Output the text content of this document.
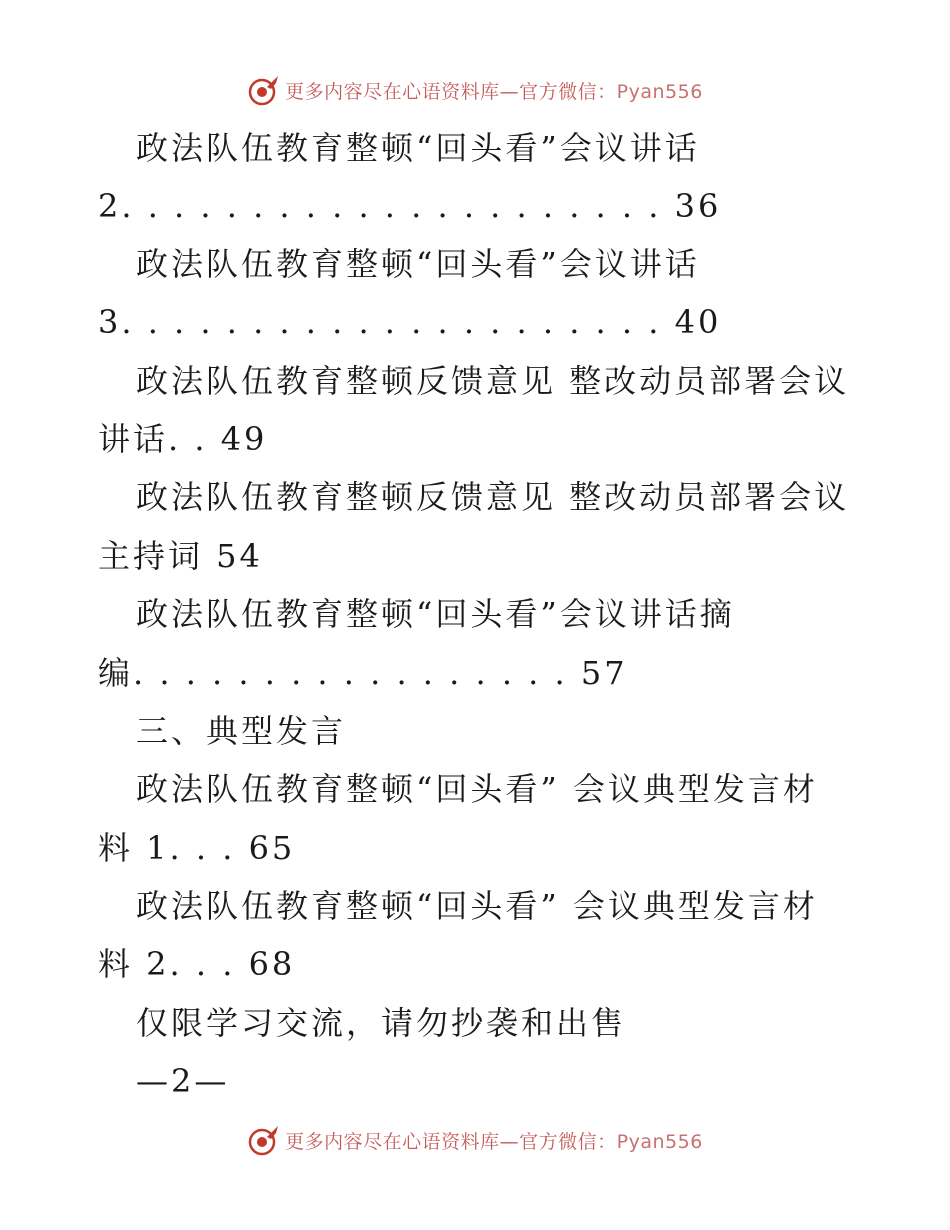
更多内容尽在心语资料库—官方微信：Pyan556
政法队伍教育整顿“回头看”会议讲话
2. . . . . . . . . . . . . . . . . . . . . 36
政法队伍教育整顿“回头看”会议讲话
3. . . . . . . . . . . . . . . . . . . . . 40
政法队伍教育整顿反馈意见 整改动员部署会议
讲话. . 49
政法队伍教育整顿反馈意见 整改动员部署会议
主持词 54
政法队伍教育整顿“回头看”会议讲话摘
编. . . . . . . . . . . . . . . . . 57
三、典型发言
政法队伍教育整顿“回头看” 会议典型发言材
料 1. . . 65
政法队伍教育整顿“回头看” 会议典型发言材
料 2. . . 68
仅限学习交流，请勿抄袭和出售
—2—
更多内容尽在心语资料库—官方微信：Pyan556
